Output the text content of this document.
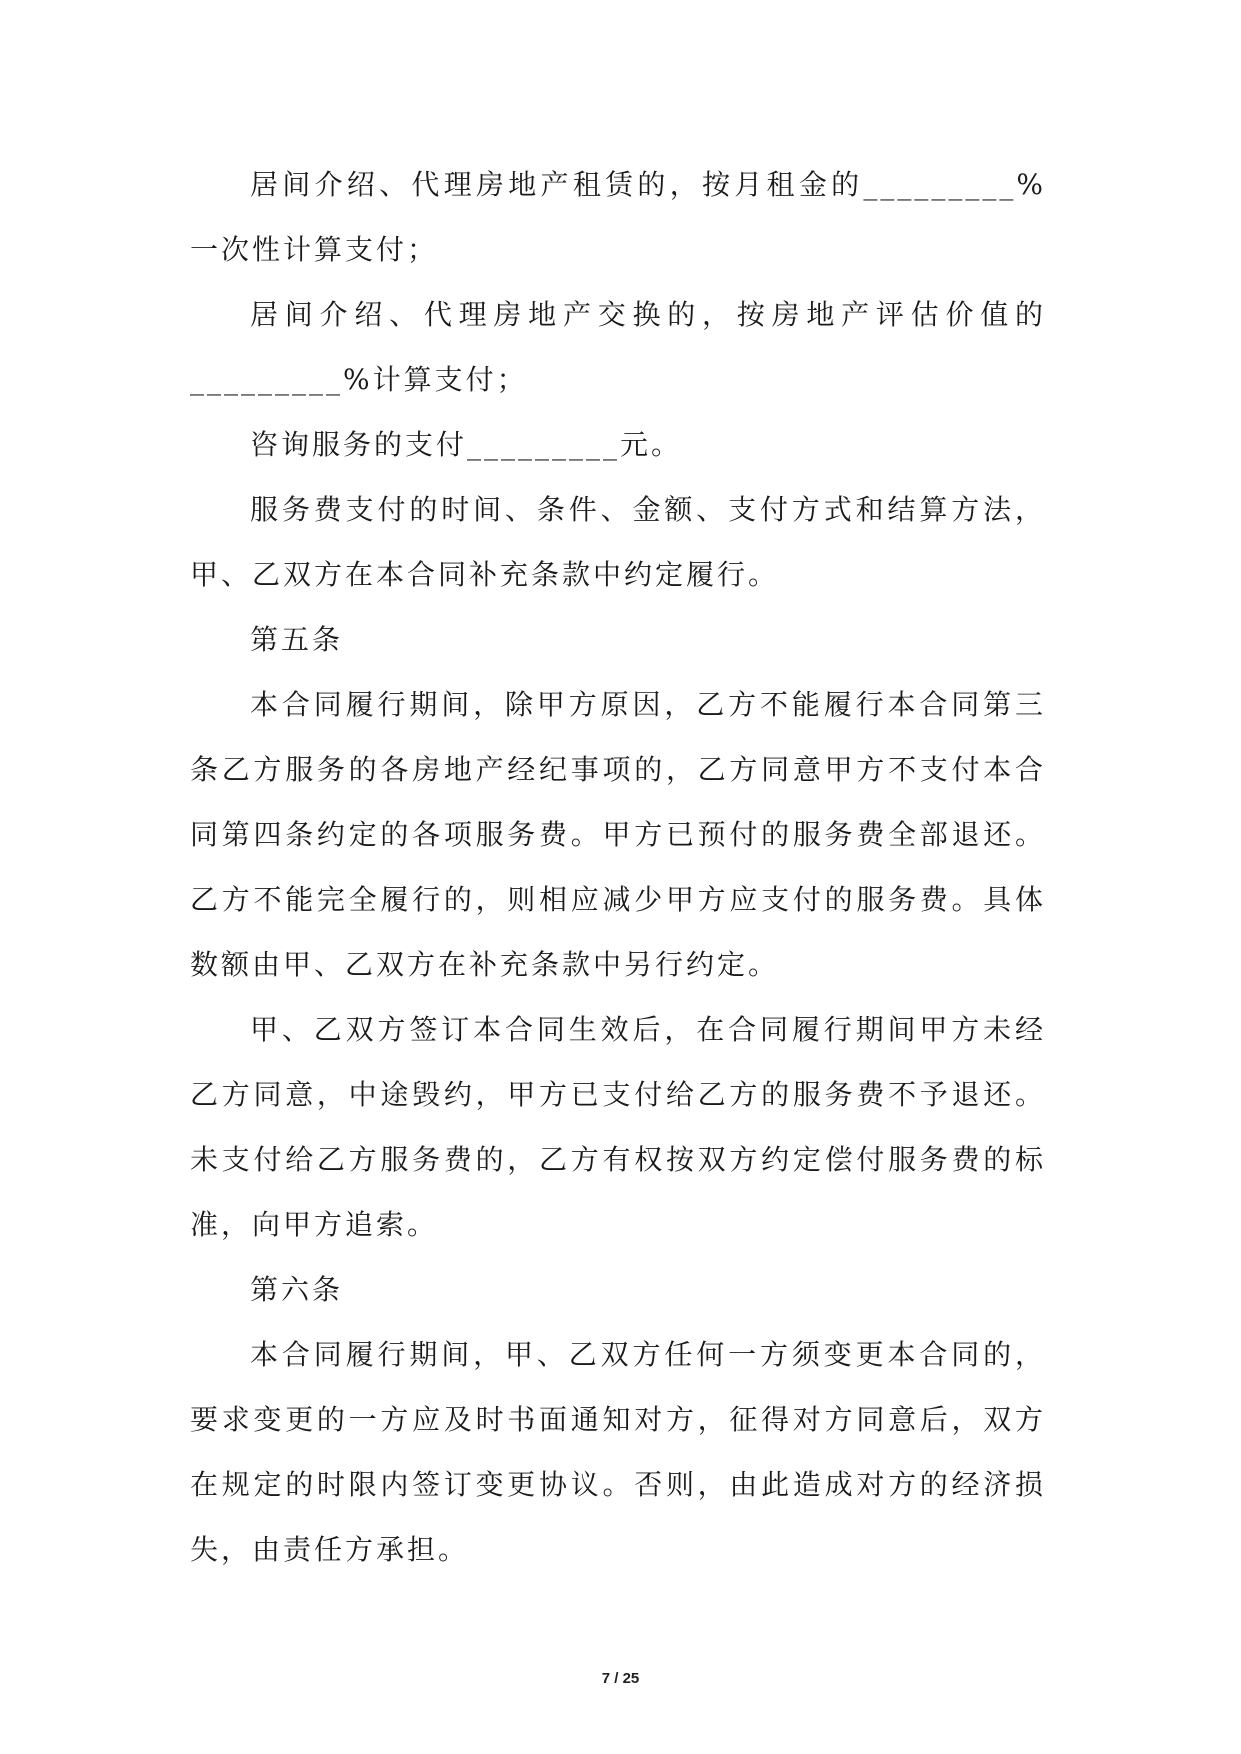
居间介绍、代理房地产租赁的，按月租金的_________%一次性计算支付；

居间介绍、代理房地产交换的，按房地产评估价值的_________%计算支付；

咨询服务的支付_________元。

服务费支付的时间、条件、金额、支付方式和结算方法，甲、乙双方在本合同补充条款中约定履行。

第五条

本合同履行期间，除甲方原因，乙方不能履行本合同第三条乙方服务的各房地产经纪事项的，乙方同意甲方不支付本合同第四条约定的各项服务费。甲方已预付的服务费全部退还。乙方不能完全履行的，则相应减少甲方应支付的服务费。具体数额由甲、乙双方在补充条款中另行约定。

甲、乙双方签订本合同生效后，在合同履行期间甲方未经乙方同意，中途毁约，甲方已支付给乙方的服务费不予退还。未支付给乙方服务费的，乙方有权按双方约定偿付服务费的标准，向甲方追索。

第六条

本合同履行期间，甲、乙双方任何一方须变更本合同的，要求变更的一方应及时书面通知对方，征得对方同意后，双方在规定的时限内签订变更协议。否则，由此造成对方的经济损失，由责任方承担。

7 / 25
